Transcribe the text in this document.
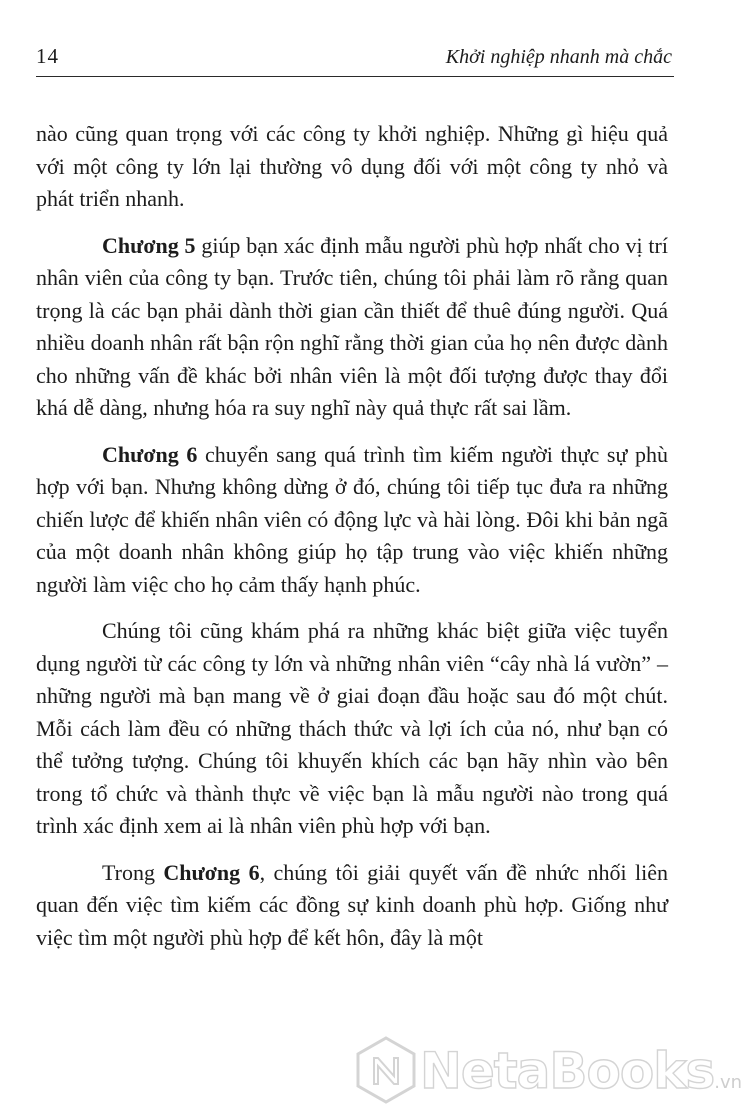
14	Khởi nghiệp nhanh mà chắc

nào cũng quan trọng với các công ty khởi nghiệp. Những gì hiệu quả với một công ty lớn lại thường vô dụng đối với một công ty nhỏ và phát triển nhanh.

Chương 5 giúp bạn xác định mẫu người phù hợp nhất cho vị trí nhân viên của công ty bạn. Trước tiên, chúng tôi phải làm rõ rằng quan trọng là các bạn phải dành thời gian cần thiết để thuê đúng người. Quá nhiều doanh nhân rất bận rộn nghĩ rằng thời gian của họ nên được dành cho những vấn đề khác bởi nhân viên là một đối tượng được thay đổi khá dễ dàng, nhưng hóa ra suy nghĩ này quả thực rất sai lầm.

Chương 6 chuyển sang quá trình tìm kiếm người thực sự phù hợp với bạn. Nhưng không dừng ở đó, chúng tôi tiếp tục đưa ra những chiến lược để khiến nhân viên có động lực và hài lòng. Đôi khi bản ngã của một doanh nhân không giúp họ tập trung vào việc khiến những người làm việc cho họ cảm thấy hạnh phúc.

Chúng tôi cũng khám phá ra những khác biệt giữa việc tuyển dụng người từ các công ty lớn và những nhân viên “cây nhà lá vườn” – những người mà bạn mang về ở giai đoạn đầu hoặc sau đó một chút. Mỗi cách làm đều có những thách thức và lợi ích của nó, như bạn có thể tưởng tượng. Chúng tôi khuyến khích các bạn hãy nhìn vào bên trong tổ chức và thành thực về việc bạn là mẫu người nào trong quá trình xác định xem ai là nhân viên phù hợp với bạn.

Trong Chương 6, chúng tôi giải quyết vấn đề nhức nhối liên quan đến việc tìm kiếm các đồng sự kinh doanh phù hợp. Giống như việc tìm một người phù hợp để kết hôn, đây là một

NetaBooks.vn
